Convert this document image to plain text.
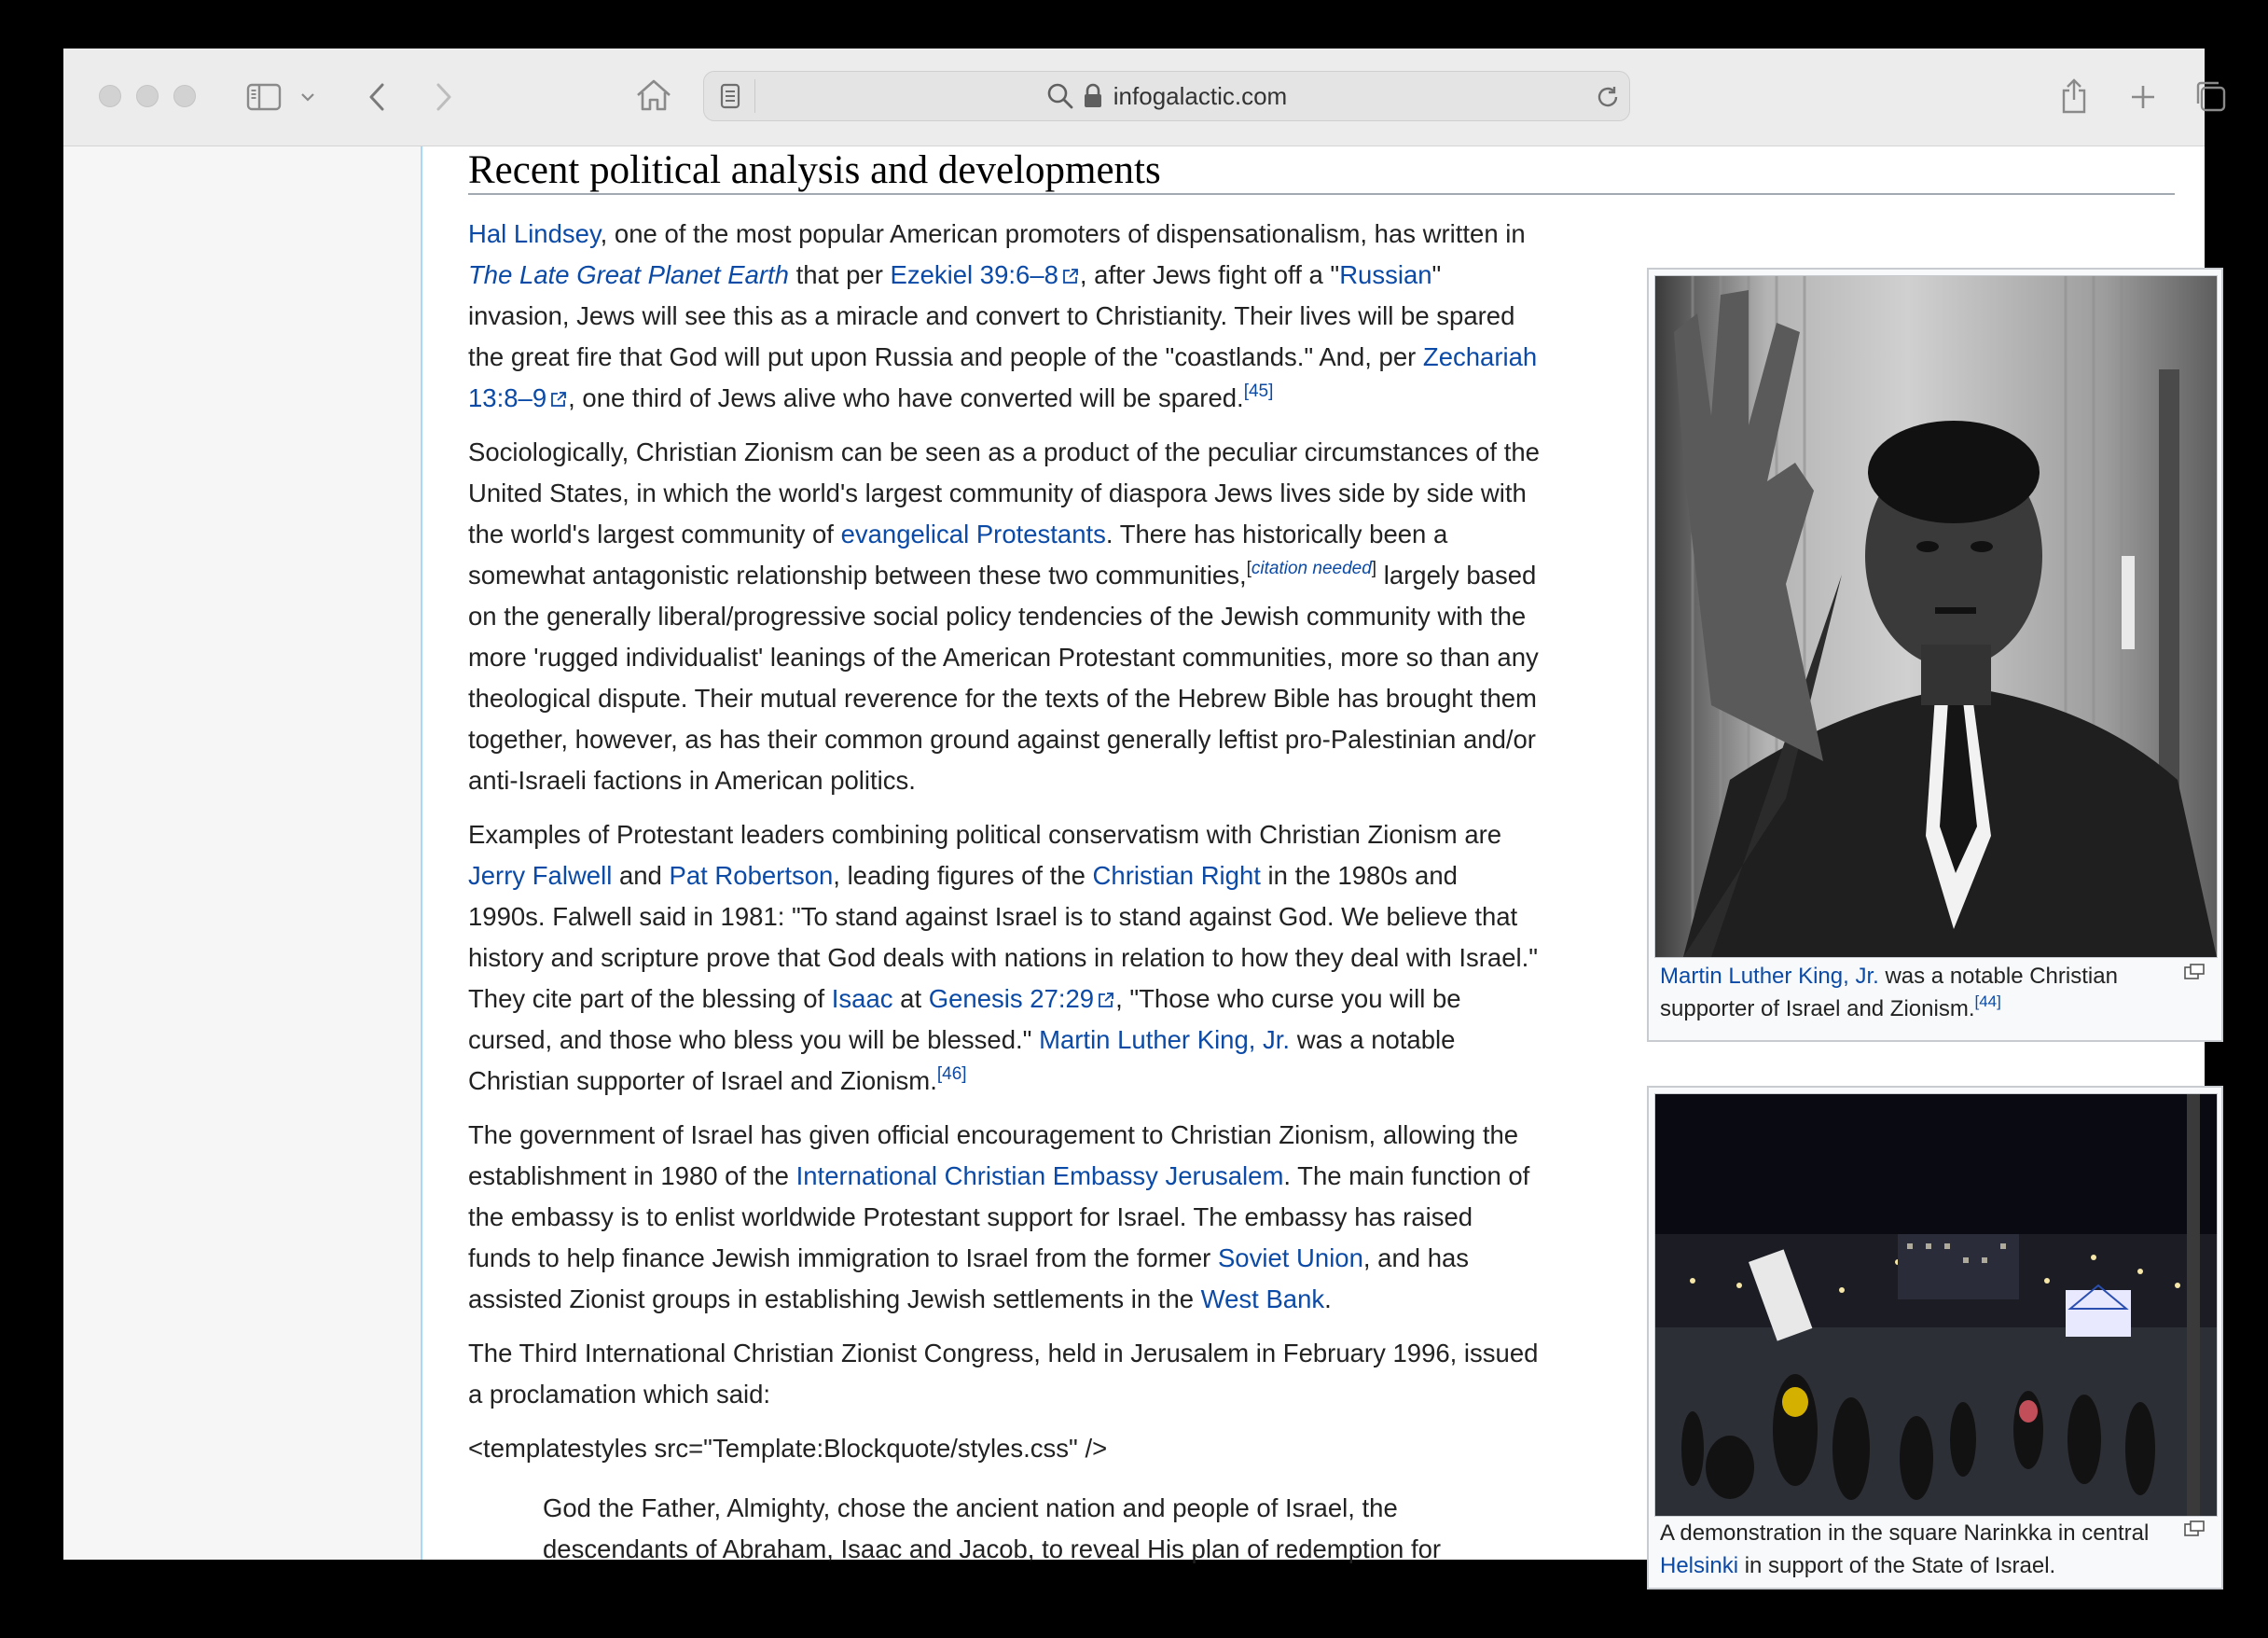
infogalactic.com
Recent political analysis and developments

Hal Lindsey, one of the most popular American promoters of dispensationalism, has written in The Late Great Planet Earth that per Ezekiel 39:6–8 , after Jews fight off a "Russian" invasion, Jews will see this as a miracle and convert to Christianity. Their lives will be spared the great fire that God will put upon Russia and people of the "coastlands." And, per Zechariah 13:8–9 , one third of Jews alive who have converted will be spared.[45]

Sociologically, Christian Zionism can be seen as a product of the peculiar circumstances of the United States, in which the world's largest community of diaspora Jews lives side by side with the world's largest community of evangelical Protestants. There has historically been a somewhat antagonistic relationship between these two communities,[citation needed] largely based on the generally liberal/progressive social policy tendencies of the Jewish community with the more 'rugged individualist' leanings of the American Protestant communities, more so than any theological dispute. Their mutual reverence for the texts of the Hebrew Bible has brought them together, however, as has their common ground against generally leftist pro-Palestinian and/or anti-Israeli factions in American politics.

Examples of Protestant leaders combining political conservatism with Christian Zionism are Jerry Falwell and Pat Robertson, leading figures of the Christian Right in the 1980s and 1990s. Falwell said in 1981: "To stand against Israel is to stand against God. We believe that history and scripture prove that God deals with nations in relation to how they deal with Israel." They cite part of the blessing of Isaac at Genesis 27:29 , "Those who curse you will be cursed, and those who bless you will be blessed." Martin Luther King, Jr. was a notable Christian supporter of Israel and Zionism.[46]

The government of Israel has given official encouragement to Christian Zionism, allowing the establishment in 1980 of the International Christian Embassy Jerusalem. The main function of the embassy is to enlist worldwide Protestant support for Israel. The embassy has raised funds to help finance Jewish immigration to Israel from the former Soviet Union, and has assisted Zionist groups in establishing Jewish settlements in the West Bank.

The Third International Christian Zionist Congress, held in Jerusalem in February 1996, issued a proclamation which said:

<templatestyles src="Template:Blockquote/styles.css" />

God the Father, Almighty, chose the ancient nation and people of Israel, the descendants of Abraham, Isaac and Jacob, to reveal His plan of redemption for

Martin Luther King, Jr. was a notable Christian supporter of Israel and Zionism.[44]
A demonstration in the square Narinkka in central Helsinki in support of the State of Israel.
